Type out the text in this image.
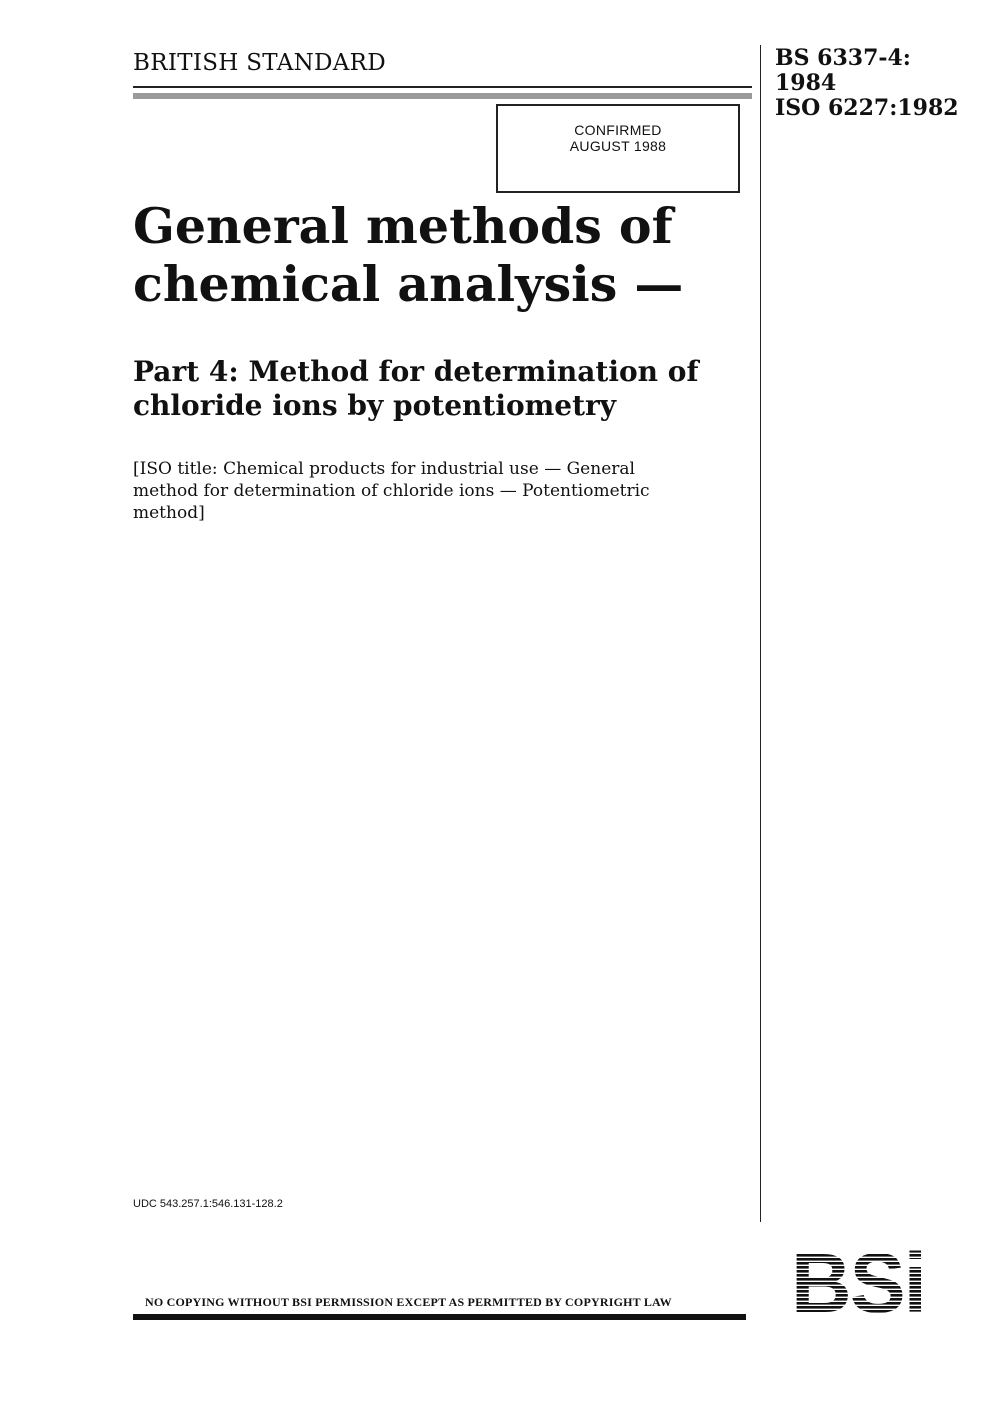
BRITISH STANDARD	BS 6337-4:
1984
ISO 6227:1982
CONFIRMED
AUGUST 1988
General methods of
chemical analysis —
Part 4: Method for determination of
chloride ions by potentiometry
[ISO title: Chemical products for industrial use — General
method for determination of chloride ions — Potentiometric
method]
UDC 543.257.1:546.131-128.2
NO COPYING WITHOUT BSI PERMISSION EXCEPT AS PERMITTED BY COPYRIGHT LAW	BSi
